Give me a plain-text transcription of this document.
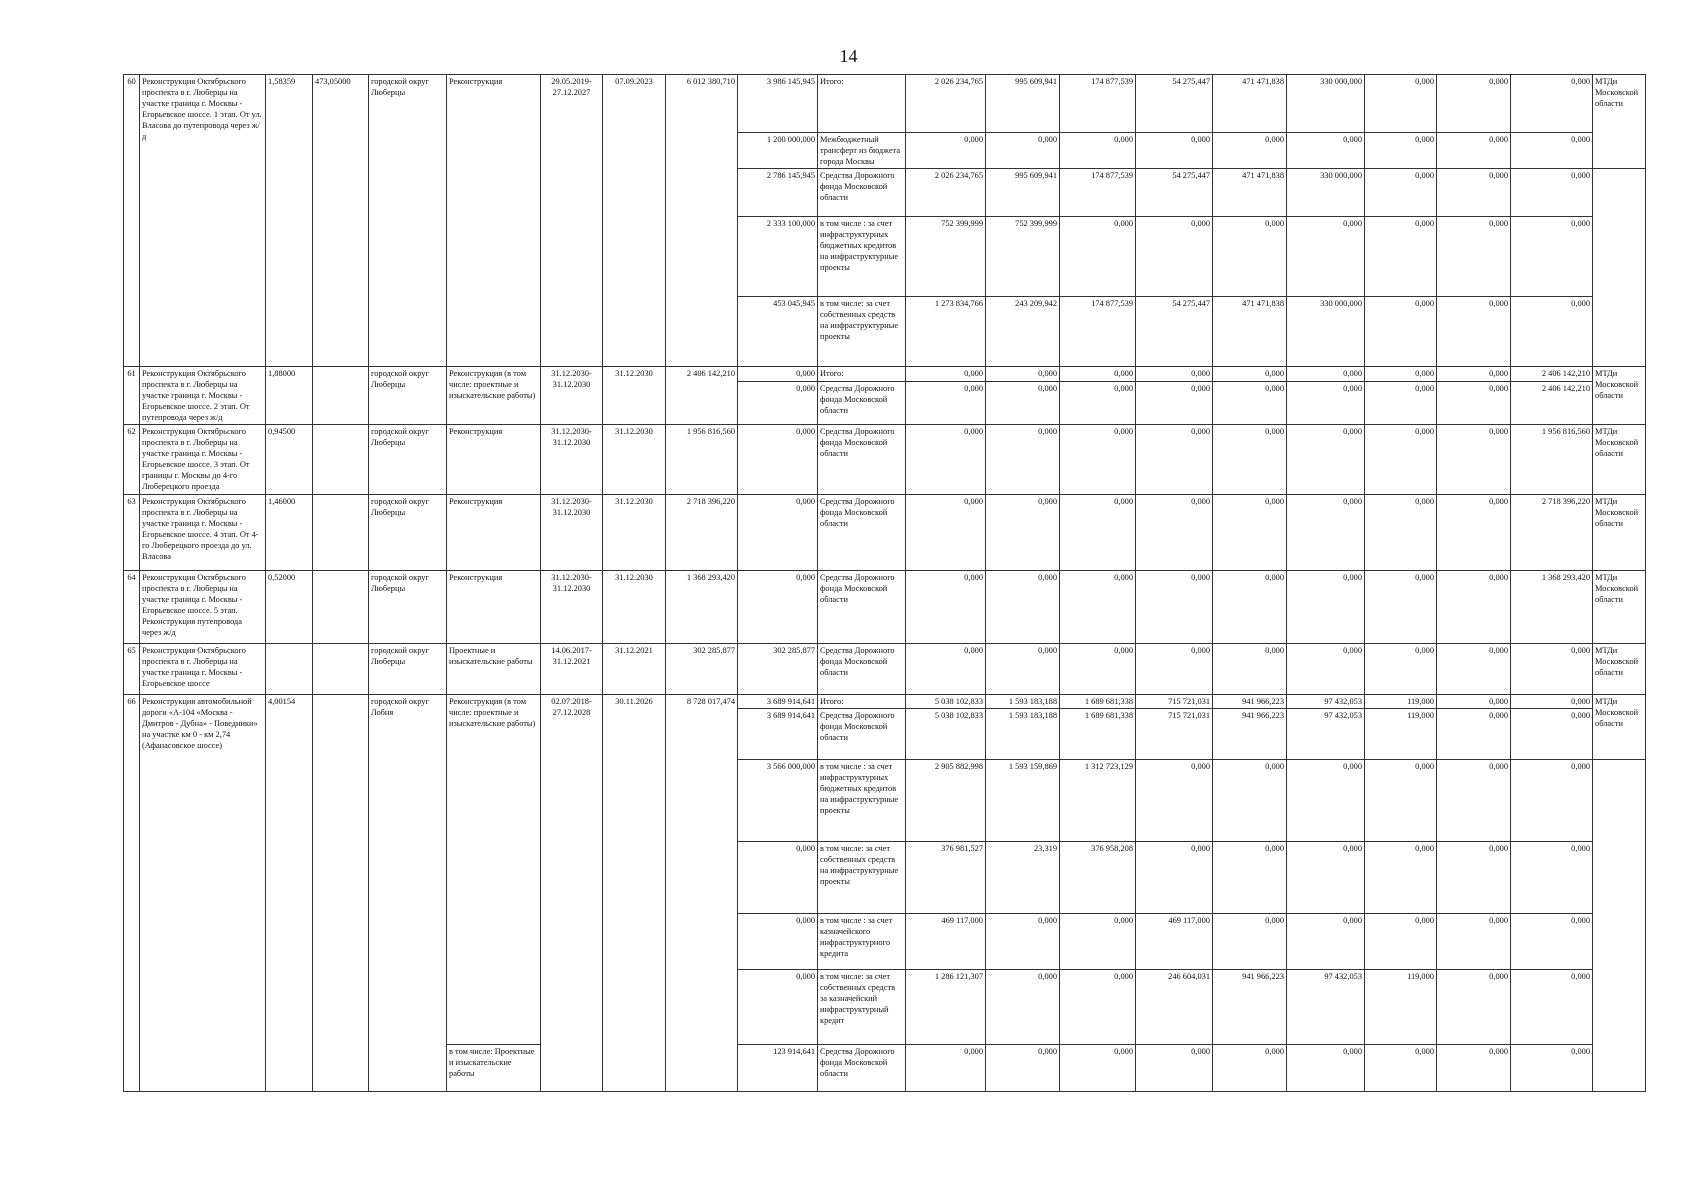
14
60	Реконструкция Октябрьского проспекта в г. Люберцы на участке граница г. Москвы - Егорьевское шоссе. 1 этап. От ул. Власова до путепровода через ж/д	1,58359	473,05000	городской округ Люберцы	Реконструкция	29.05.2019-27.12.2027	07.09.2023	6 012 380,710	3 986 145,945	Итого:	2 026 234,765	995 609,941	174 877,539	54 275,447	471 471,838	330 000,000	0,000	0,000	0,000	МТДи Московской области
									1 200 000,000	Межбюджетный трансферт из бюджета города Москвы	0,000	0,000	0,000	0,000	0,000	0,000	0,000	0,000	0,000	
									2 786 145,945	Средства Дорожного фонда Московской области	2 026 234,765	995 609,941	174 877,539	54 275,447	471 471,838	330 000,000	0,000	0,000	0,000	
									2 333 100,000	в том числе : за счет инфраструктурных бюджетных кредитов на инфраструктурные проекты	752 399,999	752 399,999	0,000	0,000	0,000	0,000	0,000	0,000	0,000	
									453 045,945	в том числе: за счет собственных средств на инфраструктурные проекты	1 273 834,766	243 209,942	174 877,539	54 275,447	471 471,838	330 000,000	0,000	0,000	0,000	
61	Реконструкция Октябрьского проспекта в г. Люберцы на участке граница г. Москвы - Егорьевское шоссе. 2 этап. От путепровода через ж/д	1,88000		городской округ Люберцы	Реконструкция (в том числе: проектные и изыскательские работы)	31.12.2030-31.12.2030	31.12.2030	2 406 142,210	0,000	Итого:	0,000	0,000	0,000	0,000	0,000	0,000	0,000	0,000	2 406 142,210	МТДи Московской области
									0,000	Средства Дорожного фонда Московской области	0,000	0,000	0,000	0,000	0,000	0,000	0,000	0,000	2 406 142,210	
62	Реконструкция Октябрьского проспекта в г. Люберцы на участке граница г. Москвы - Егорьевское шоссе. 3 этап. От границы г. Москвы до 4-го Люберецкого проезда	0,94500		городской округ Люберцы	Реконструкция	31.12.2030-31.12.2030	31.12.2030	1 956 816,560	0,000	Средства Дорожного фонда Московской области	0,000	0,000	0,000	0,000	0,000	0,000	0,000	0,000	1 956 816,560	МТДи Московской области
63	Реконструкция Октябрьского проспекта в г. Люберцы на участке граница г. Москвы - Егорьевское шоссе. 4 этап. От 4-го Люберецкого проезда до ул. Власова	1,46000		городской округ Люберцы	Реконструкция	31.12.2030-31.12.2030	31.12.2030	2 718 396,220	0,000	Средства Дорожного фонда Московской области	0,000	0,000	0,000	0,000	0,000	0,000	0,000	0,000	2 718 396,220	МТДи Московской области
64	Реконструкция Октябрьского проспекта в г. Люберцы на участке граница г. Москвы - Егорьевское шоссе. 5 этап. Реконструкция путепровода через ж/д	0,52000		городской округ Люберцы	Реконструкция	31.12.2030-31.12.2030	31.12.2030	1 368 293,420	0,000	Средства Дорожного фонда Московской области	0,000	0,000	0,000	0,000	0,000	0,000	0,000	0,000	1 368 293,420	МТДи Московской области
65	Реконструкция Октябрьского проспекта в г. Люберцы на участке граница г. Москвы - Егорьевское шоссе			городской округ Люберцы	Проектные и изыскательские работы	14.06.2017-31.12.2021	31.12.2021	302 285,877	302 285,877	Средства Дорожного фонда Московской области	0,000	0,000	0,000	0,000	0,000	0,000	0,000	0,000	0,000	МТДи Московской области
66	Реконструкция автомобильной дороги «А-104 «Москва - Дмитров - Дубна» - Поведники» на участке км 0 - км 2,74 (Афанасовское шоссе)	4,00154		городской округ Лобня	Реконструкция (в том числе: проектные и изыскательские работы)	02.07.2018-27.12.2028	30.11.2026	8 728 017,474	3 689 914,641	Итого:	5 038 102,833	1 593 183,188	1 689 681,338	715 721,031	941 966,223	97 432,053	119,000	0,000	0,000	МТДи Московской области
									3 689 914,641	Средства Дорожного фонда Московской области	5 038 102,833	1 593 183,188	1 689 681,338	715 721,031	941 966,223	97 432,053	119,000	0,000	0,000	
									3 566 000,000	в том числе : за счет инфраструктурных бюджетных кредитов на инфраструктурные проекты	2 905 882,998	1 593 159,869	1 312 723,129	0,000	0,000	0,000	0,000	0,000	0,000	
									0,000	в том числе: за счет собственных средств на инфраструктурные проекты	376 981,527	23,319	376 958,208	0,000	0,000	0,000	0,000	0,000	0,000	
									0,000	в том числе : за счет казначейского инфраструктурного кредита	469 117,000	0,000	0,000	469 117,000	0,000	0,000	0,000	0,000	0,000	
									0,000	в том числе: за счет собственных средств за казначейский инфраструктурный кредит	1 286 121,307	0,000	0,000	246 604,031	941 966,223	97 432,053	119,000	0,000	0,000	
					в том числе: Проектные и изыскательские работы				123 914,641	Средства Дорожного фонда Московской области	0,000	0,000	0,000	0,000	0,000	0,000	0,000	0,000	0,000	
